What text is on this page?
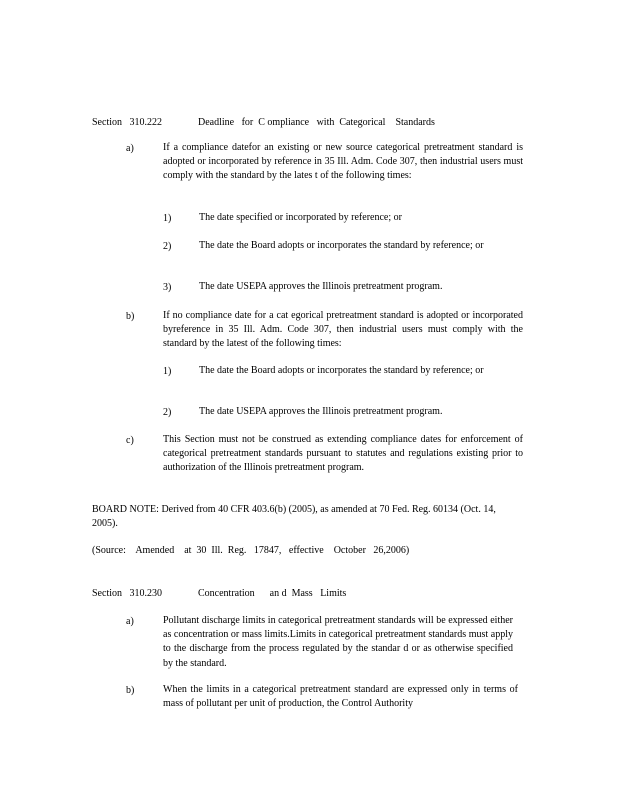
Section   310.222	Deadline   for  C ompliance   with  Categorical    Standards
a)	If a compliance datefor an existing or new source categorical pretreatment standard is adopted or incorporated by reference in 35 Ill. Adm. Code 307, then industrial users must comply with the standard by the lates t of the following times:
1)	The date specified or incorporated by reference; or
2)	The date the Board adopts or incorporates the standard by reference; or
3)	The date USEPA approves the Illinois pretreatment program.
b)	If no compliance date for a cat egorical pretreatment standard is adopted or incorporated byreference in 35 Ill. Adm. Code 307, then industrial users must comply with the standard by the latest of the following times:
1)	The date the Board adopts or incorporates the standard by reference; or
2)	The date USEPA approves the Illinois pretreatment program.
c)	This Section must not be construed as extending compliance dates for enforcement of categorical pretreatment standards pursuant to statutes and regulations existing prior to authorization of the Illinois pretreatment program.
BOARD NOTE: Derived from 40 CFR 403.6(b) (2005), as amended at 70 Fed. Reg. 60134 (Oct. 14, 2005).
(Source:    Amended    at  30  Ill.  Reg.   17847,   effective    October   26,2006)
Section   310.230	Concentration      an d  Mass   Limits
a)	Pollutant discharge limits in categorical pretreatment standards will be expressed either as concentration or mass limits.Limits in categorical pretreatment standards must apply to the discharge from the process regulated by the standar d or as otherwise specified by the standard.
b)	When the limits in a categorical pretreatment standard are expressed only in terms of mass of pollutant per unit of production, the Control Authority
